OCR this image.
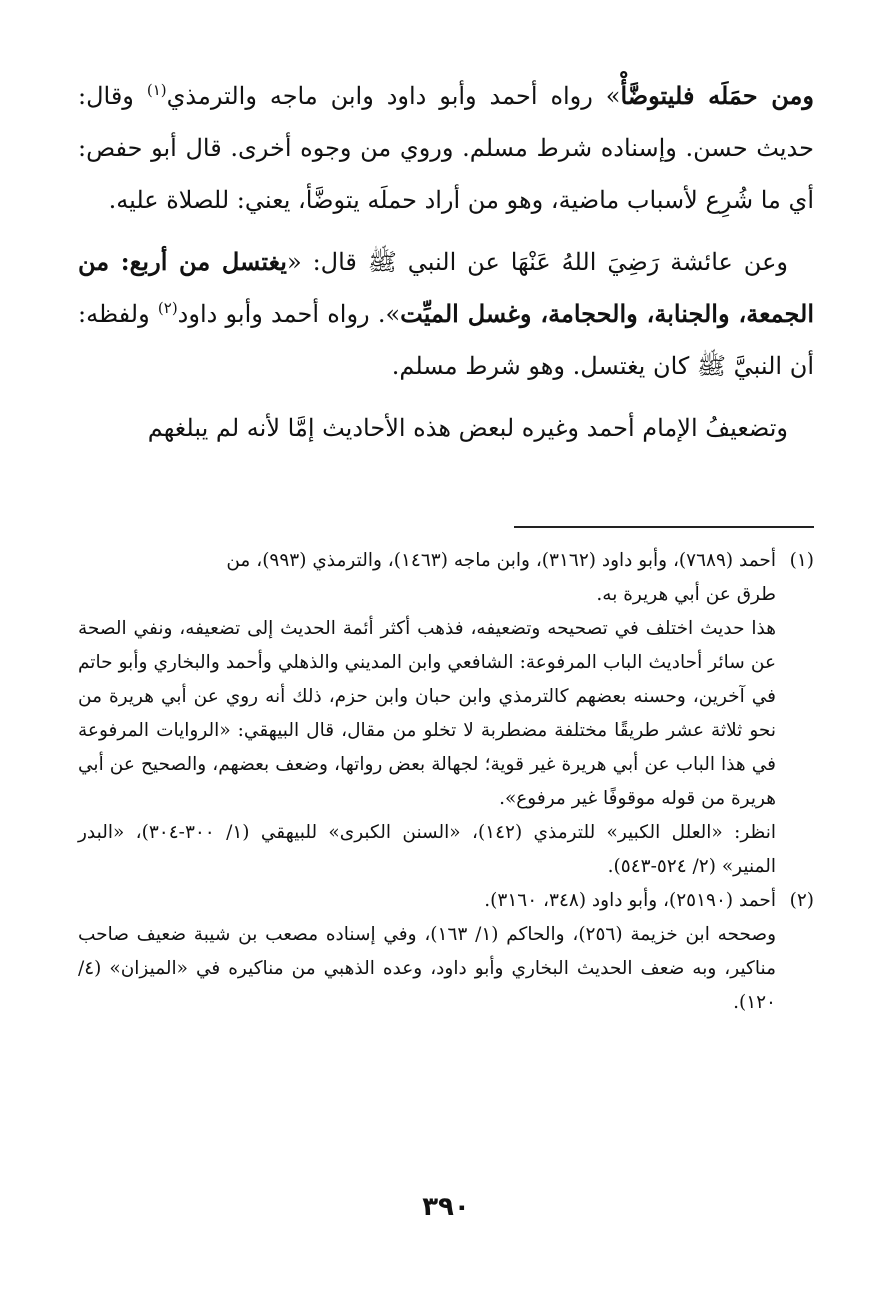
ومن حمَلَه فليتوضَّأْ» رواه أحمد وأبو داود وابن ماجه والترمذي$^{(١)}$ وقال: حديث حسن. وإسناده شرط مسلم. وروي من وجوه أخرى. قال أبو حفص: أي ما شُرِع لأسباب ماضية، وهو من أراد حملَه يتوضَّأ، يعني: للصلاة عليه.

وعن عائشة رَضِيَ اللهُ عَنْهَا عن النبي ﷺ قال: «يغتسل من أربع: من الجمعة، والجنابة، والحجامة، وغسل الميِّت». رواه أحمد وأبو داود$^{(٢)}$ ولفظه: أن النبيَّ ﷺ كان يغتسل. وهو شرط مسلم.

وتضعيفُ الإمام أحمد وغيره لبعض هذه الأحاديث إمَّا لأنه لم يبلغهم

(١)
أحمد (٧٦٨٩)، وأبو داود (٣١٦٢)، وابن ماجه (١٤٦٣)، والترمذي (٩٩٣)، من

طرق عن أبي هريرة به.

هذا حديث اختلف في تصحيحه وتضعيفه، فذهب أكثر أئمة الحديث إلى تضعيفه، ونفي الصحة عن سائر أحاديث الباب المرفوعة: الشافعي وابن المديني والذهلي وأحمد والبخاري وأبو حاتم في آخرين، وحسنه بعضهم كالترمذي وابن حبان وابن حزم، ذلك أنه روي عن أبي هريرة من نحو ثلاثة عشر طريقًا مختلفة مضطربة لا تخلو من مقال، قال البيهقي: «الروايات المرفوعة في هذا الباب عن أبي هريرة غير قوية؛ لجهالة بعض رواتها، وضعف بعضهم، والصحيح عن أبي هريرة من قوله موقوفًا غير مرفوع».

انظر: «العلل الكبير» للترمذي (١٤٢)، «السنن الكبرى» للبيهقي (١/ ٣٠٠-٣٠٤)، «البدر المنير» (٢/ ٥٢٤-٥٤٣).

(٢)
أحمد (٢٥١٩٠)، وأبو داود (٣٤٨، ٣١٦٠).

وصححه ابن خزيمة (٢٥٦)، والحاكم (١/ ١٦٣)، وفي إسناده مصعب بن شيبة ضعيف صاحب مناكير، وبه ضعف الحديث البخاري وأبو داود، وعده الذهبي من مناكيره في «الميزان» (٤/ ١٢٠).

٣٩٠
